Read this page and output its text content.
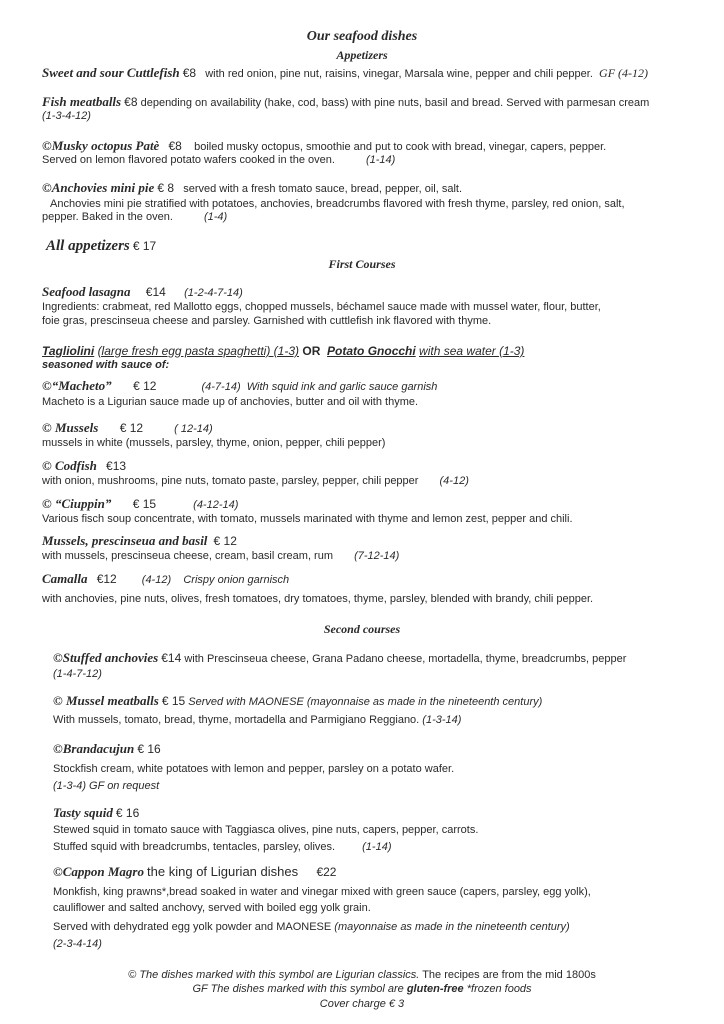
Our seafood dishes
Appetizers
Sweet and sour Cuttlefish €8 with red onion, pine nut, raisins, vinegar, Marsala wine, pepper and chili pepper. GF (4-12)
Fish meatballs €8 depending on availability (hake, cod, bass) with pine nuts, basil and bread. Served with parmesan cream
(1-3-4-12)
©Musky octopus Patè €8 boiled musky octopus, smoothie and put to cook with bread, vinegar, capers, pepper.
Served on lemon flavored potato wafers cooked in the oven.	(1-14)
©Anchovies mini pie € 8 served with a fresh tomato sauce, bread, pepper, oil, salt.
Anchovies mini pie stratified with potatoes, anchovies, breadcrumbs flavored with fresh thyme, parsley, red onion, salt,
pepper. Baked in the oven.	(1-4)
All appetizers € 17
First Courses
Seafood lasagna €14 (1-2-4-7-14)
Ingredients: crabmeat, red Mallotto eggs, chopped mussels, béchamel sauce made with mussel water, flour, butter,
foie gras, prescinseua cheese and parsley. Garnished with cuttlefish ink flavored with thyme.
Tagliolini (large fresh egg pasta spaghetti) (1-3) OR Potato Gnocchi with sea water (1-3)
seasoned with sauce of:
©“Macheto” € 12	(4-7-14) With squid ink and garlic sauce garnish
Macheto is a Ligurian sauce made up of anchovies, butter and oil with thyme.
© Mussels € 12	( 12-14)
mussels in white (mussels, parsley, thyme, onion, pepper, chili pepper)
© Codfish €13
with onion, mushrooms, pine nuts, tomato paste, parsley, pepper, chili pepper (4-12)
© “Ciuppin” € 15	(4-12-14)
Various fisch soup concentrate, with tomato, mussels marinated with thyme and lemon zest, pepper and chili.
Mussels, prescinseua and basil € 12
with mussels, prescinseua cheese, cream, basil cream, rum (7-12-14)
Camalla €12 (4-12) Crispy onion garnisch
with anchovies, pine nuts, olives, fresh tomatoes, dry tomatoes, thyme, parsley, blended with brandy, chili pepper.
Second courses
©Stuffed anchovies €14 with Prescinseua cheese, Grana Padano cheese, mortadella, thyme, breadcrumbs, pepper
(1-4-7-12)
© Mussel meatballs € 15 Served with MAONESE (mayonnaise as made in the nineteenth century)
With mussels, tomato, bread, thyme, mortadella and Parmigiano Reggiano. (1-3-14)
©Brandacujun € 16
Stockfish cream, white potatoes with lemon and pepper, parsley on a potato wafer.
(1-3-4) GF on request
Tasty squid € 16
Stewed squid in tomato sauce with Taggiasca olives, pine nuts, capers, pepper, carrots.
Stuffed squid with breadcrumbs, tentacles, parsley, olives. (1-14)
©Cappon Magro the king of Ligurian dishes €22
Monkfish, king prawns*,bread soaked in water and vinegar mixed with green sauce (capers, parsley, egg yolk),
cauliflower and salted anchovy, served with boiled egg yolk grain.
Served with dehydrated egg yolk powder and MAONESE (mayonnaise as made in the nineteenth century)
(2-3-4-14)
© The dishes marked with this symbol are Ligurian classics. The recipes are from the mid 1800s
GF The dishes marked with this symbol are gluten-free *frozen foods
Cover charge € 3
